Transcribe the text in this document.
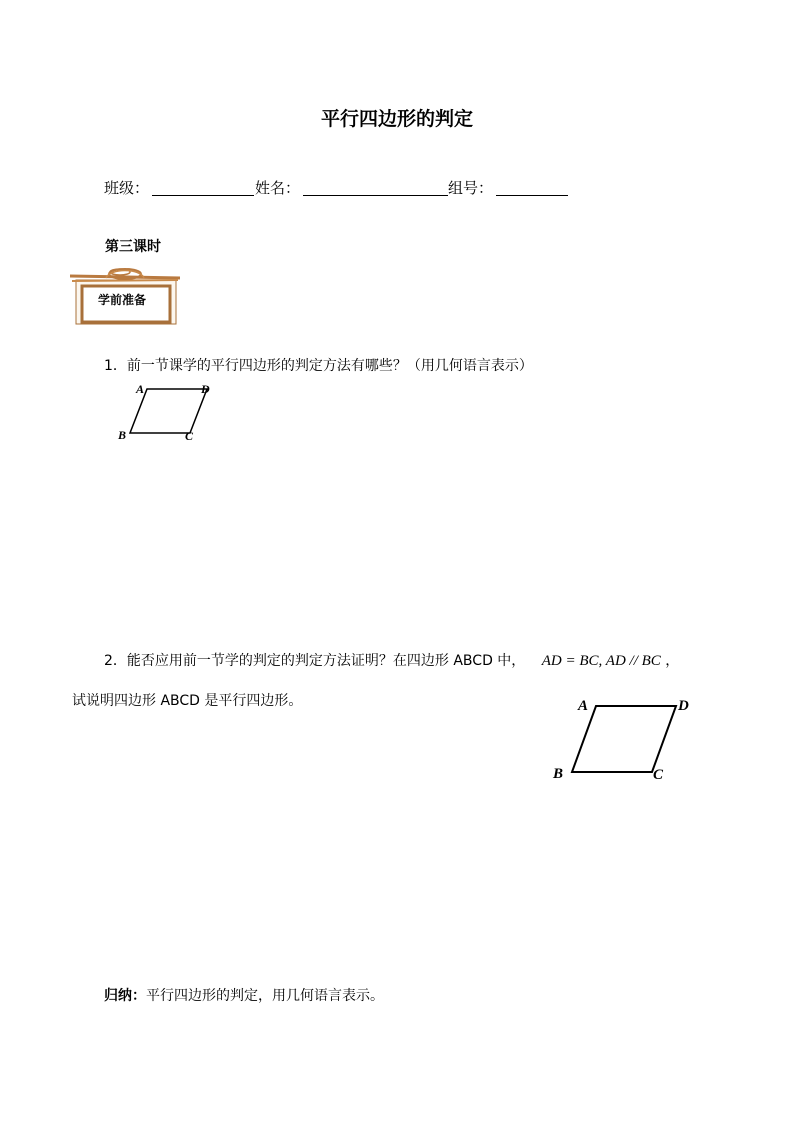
平行四边形的判定
班级：	姓名：	组号：
第三课时
学前准备
1．前一节课学的平行四边形的判定方法有哪些？（用几何语言表示）
A	D
B	C
2．能否应用前一节学的判定的判定方法证明？在四边形 ABCD 中， AD = BC, AD // BC ，
试说明四边形 ABCD 是平行四边形。	A	D
B	C
归纳：平行四边形的判定，用几何语言表示。
